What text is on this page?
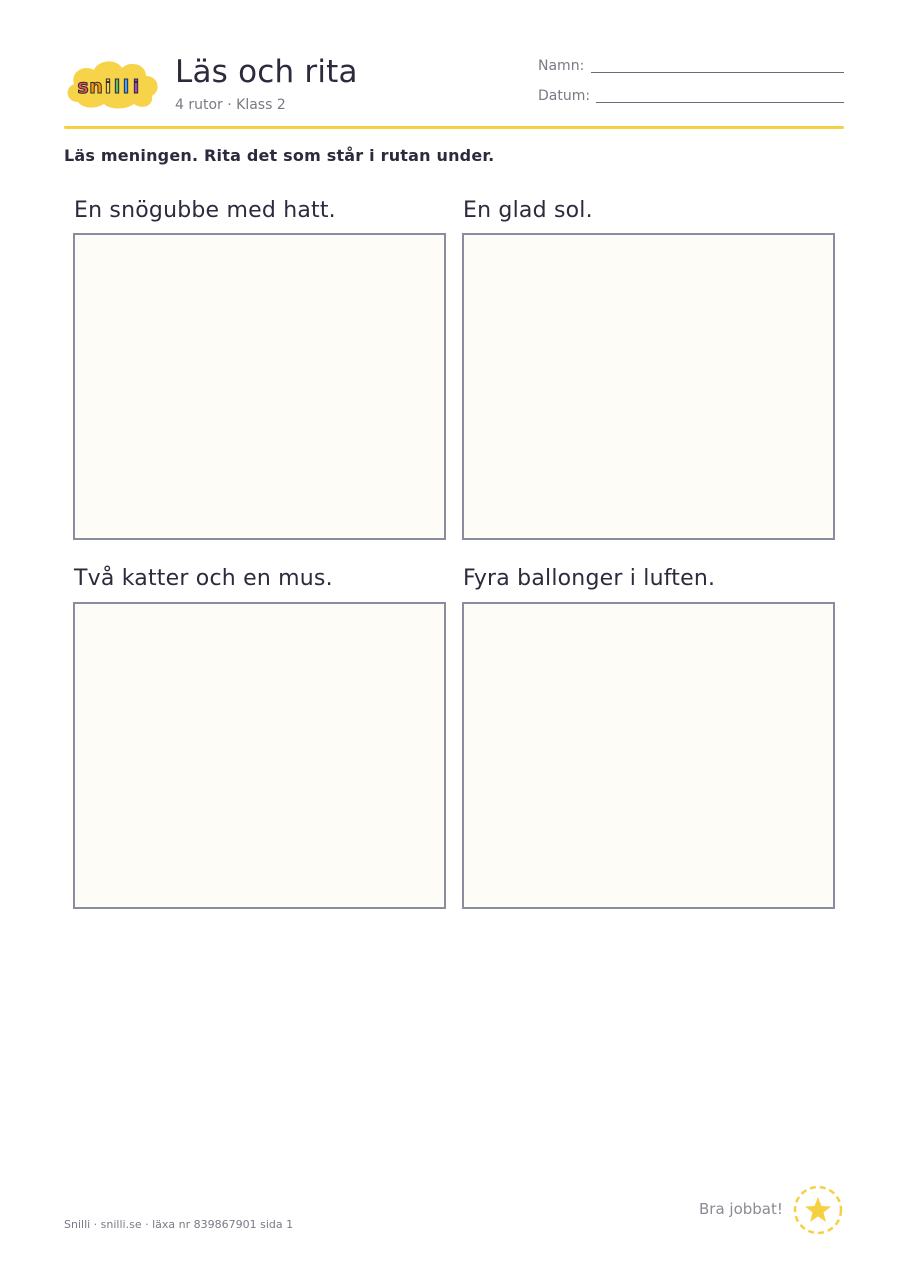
s n i l l i Läs och rita
4 rutor · Klass 2
Namn:
Datum:
Läs meningen. Rita det som står i rutan under.
En snögubbe med hatt.	En glad sol.
Två katter och en mus.	Fyra ballonger i luften.
Snilli · snilli.se · läxa nr 839867901 sida 1
Bra jobbat!
